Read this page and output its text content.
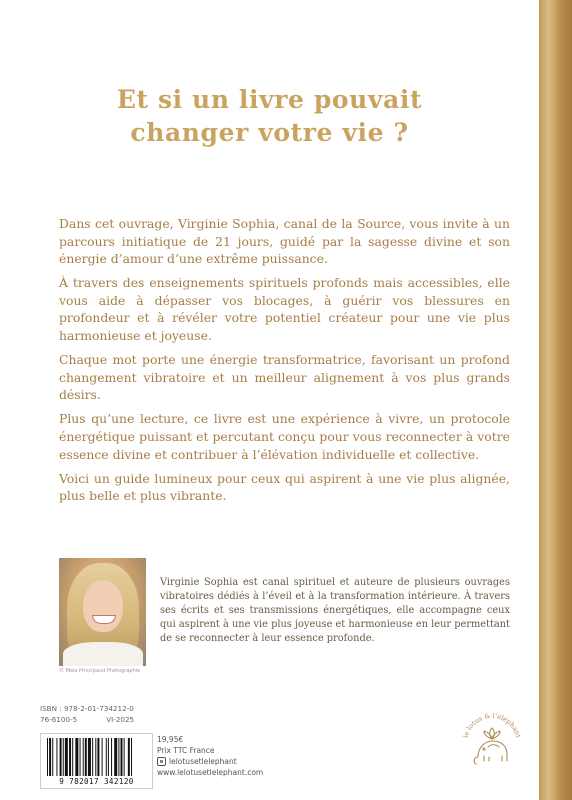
Et si un livre pouvait
changer votre vie ?

Dans cet ouvrage, Virginie Sophia, canal de la Source, vous invite à un parcours initiatique de 21 jours, guidé par la sagesse divine et son énergie d’amour d’une extrême puissance.

À travers des enseignements spirituels profonds mais accessibles, elle vous aide à dépasser vos blocages, à guérir vos blessures en profondeur et à révéler votre potentiel créateur pour une vie plus harmonieuse et joyeuse.

Chaque mot porte une énergie transformatrice, favorisant un profond changement vibratoire et un meilleur alignement à vos plus grands désirs.

Plus qu’une lecture, ce livre est une expérience à vivre, un protocole énergétique puissant et percutant conçu pour vous reconnecter à votre essence divine et contribuer à l’élévation individuelle et collective.

Voici un guide lumineux pour ceux qui aspirent à une vie plus alignée, plus belle et plus vibrante.

© Mala Principaud Photographie
Virginie Sophia est canal spirituel et auteure de plusieurs ouvrages vibratoires dédiés à l’éveil et à la transformation intérieure. À travers ses écrits et ses transmissions énergétiques, elle accompagne ceux qui aspirent à une vie plus joyeuse et harmonieuse en leur permettant de se reconnecter à leur essence profonde.
ISBN : 978-2-01-734212-0
76-6100-5	VI-2025
9 782017 342120
19,95€
Prix TTC France
lelotusetlelephant
www.lelotusetlelephant.com
le lotus & l’éléphant
